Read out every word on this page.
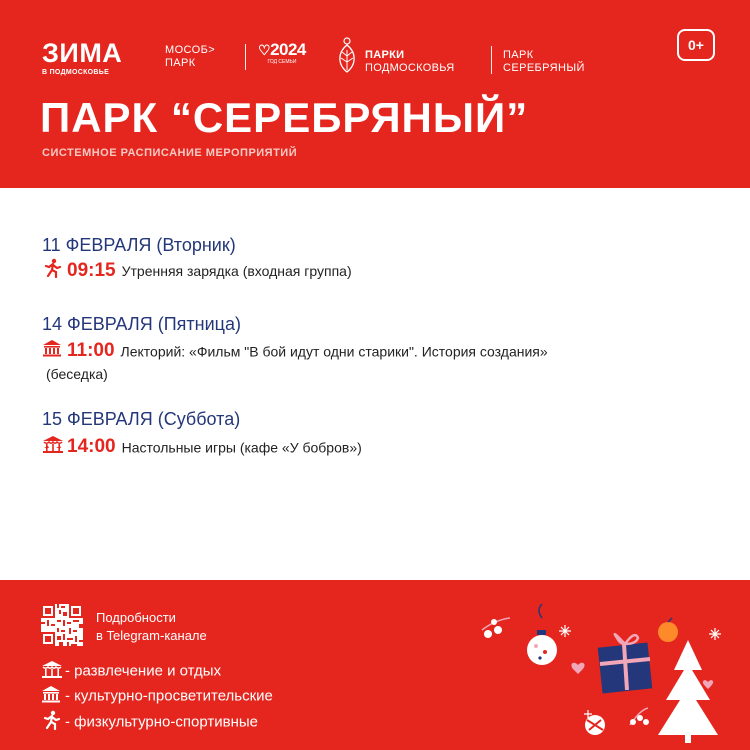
ЗИМА
В ПОДМОСКОВЬЕ
МОСОБ>
ПАРК
♡2024
ГОД СЕМЬИ
ПАРКИ
ПОДМОСКОВЬЯ
ПАРК
СЕРЕБРЯНЫЙ
0+
ПАРК “СЕРЕБРЯНЫЙ”
СИСТЕМНОЕ РАСПИСАНИЕ МЕРОПРИЯТИЙ
11 ФЕВРАЛЯ (Вторник)
09:15 Утренняя зарядка (входная группа)
14 ФЕВРАЛЯ (Пятница)
11:00 Лекторий: «Фильм "В бой идут одни старики". История создания»
(беседка)
15 ФЕВРАЛЯ (Суббота)
14:00 Настольные игры (кафе «У бобров»)
Подробности
в Telegram-канале
- развлечение и отдых
- культурно-просветительские
- физкультурно-спортивные
